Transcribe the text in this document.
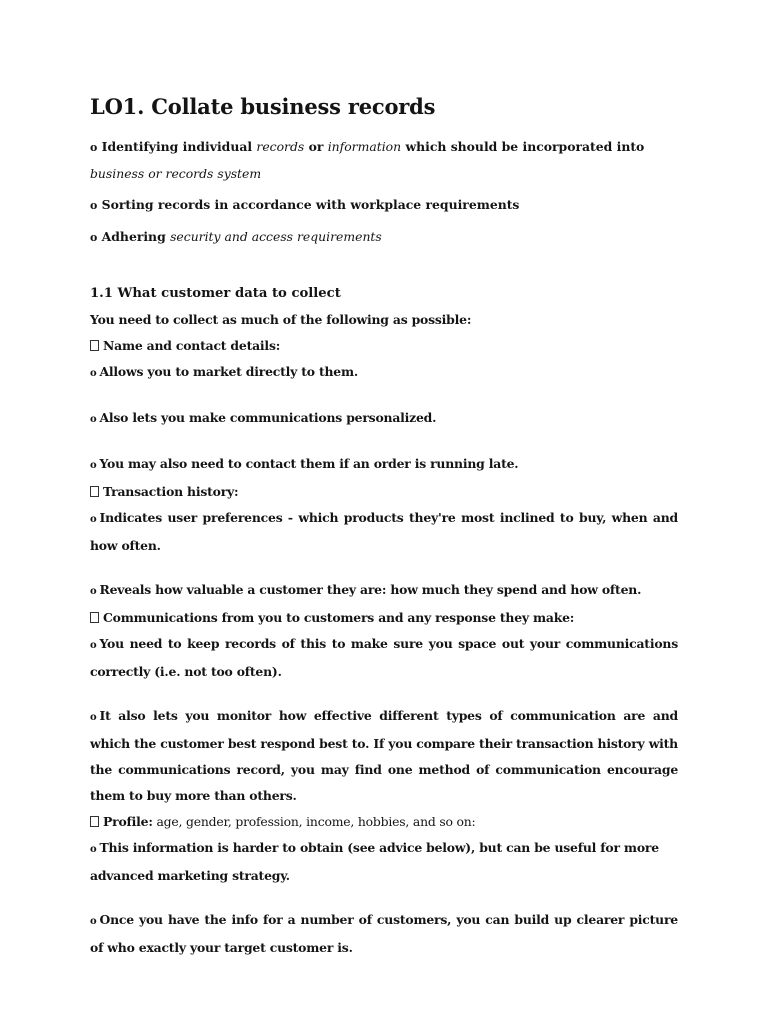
LO1. Collate business records

o Identifying individual records or information which should be incorporated into business or records system

o Sorting records in accordance with workplace requirements

o Adhering security and access requirements

1.1 What customer data to collect

You need to collect as much of the following as possible:

Name and contact details:

o Allows you to market directly to them.

o Also lets you make communications personalized.

o You may also need to contact them if an order is running late.

Transaction history:

o Indicates user preferences - which products they're most inclined to buy, when and how often.

o Reveals how valuable a customer they are: how much they spend and how often.

Communications from you to customers and any response they make:

o You need to keep records of this to make sure you space out your communications correctly (i.e. not too often).

o It also lets you monitor how effective different types of communication are and which the customer best respond best to. If you compare their transaction history with the communications record, you may find one method of communication encourage them to buy more than others.

Profile: age, gender, profession, income, hobbies, and so on:

o This information is harder to obtain (see advice below), but can be useful for more advanced marketing strategy.

o Once you have the info for a number of customers, you can build up clearer picture of who exactly your target customer is.
